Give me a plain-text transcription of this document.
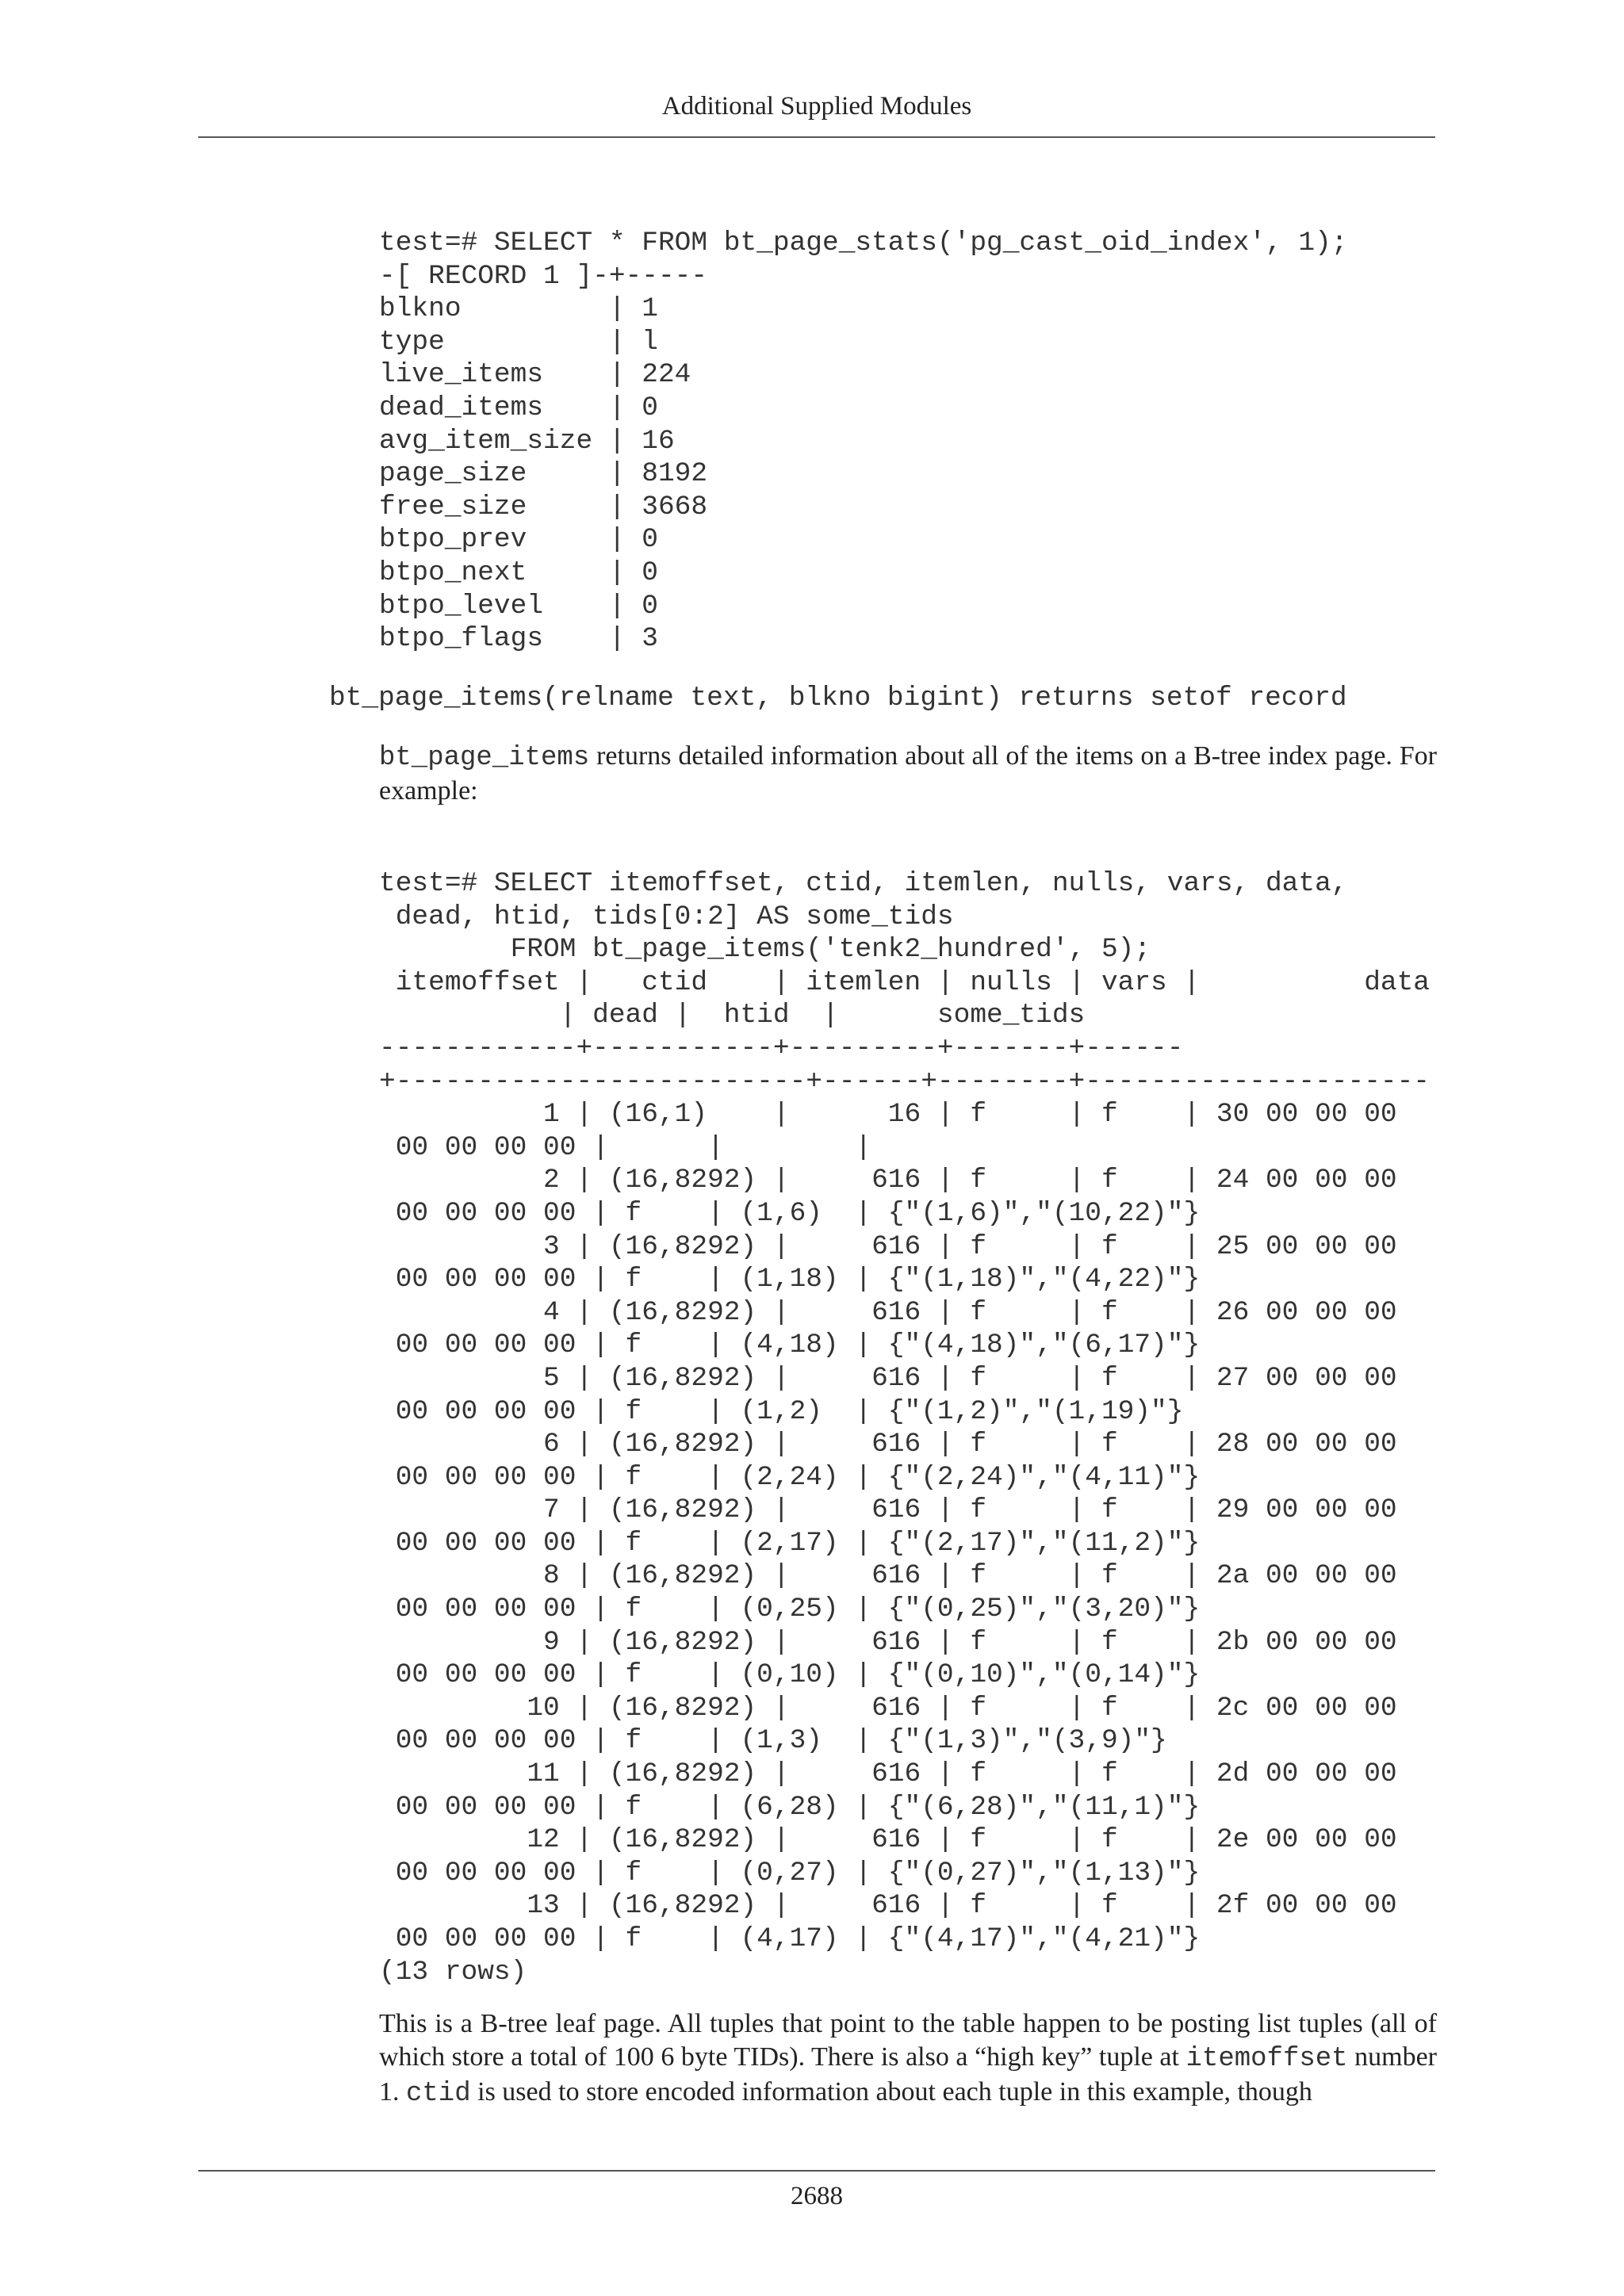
Additional Supplied Modules
test=# SELECT * FROM bt_page_stats('pg_cast_oid_index', 1);
-[ RECORD 1 ]-+-----
blkno         | 1
type          | l
live_items    | 224
dead_items    | 0
avg_item_size | 16
page_size     | 8192
free_size     | 3668
btpo_prev     | 0
btpo_next     | 0
btpo_level    | 0
btpo_flags    | 3
bt_page_items(relname text, blkno bigint) returns setof record

bt_page_items returns detailed information about all of the items on a B-tree index page. For example:

test=# SELECT itemoffset, ctid, itemlen, nulls, vars, data,
dead, htid, tids[0:2] AS some_tids
FROM bt_page_items('tenk2_hundred', 5);
itemoffset |   ctid    | itemlen | nulls | vars |          data
| dead |  htid  |      some_tids
------------+-----------+---------+-------+------
+-------------------------+------+--------+---------------------
1 | (16,1)    |      16 | f     | f    | 30 00 00 00
00 00 00 00 |      |        |
2 | (16,8292) |     616 | f     | f    | 24 00 00 00
00 00 00 00 | f    | (1,6)  | {"(1,6)","(10,22)"}
3 | (16,8292) |     616 | f     | f    | 25 00 00 00
00 00 00 00 | f    | (1,18) | {"(1,18)","(4,22)"}
4 | (16,8292) |     616 | f     | f    | 26 00 00 00
00 00 00 00 | f    | (4,18) | {"(4,18)","(6,17)"}
5 | (16,8292) |     616 | f     | f    | 27 00 00 00
00 00 00 00 | f    | (1,2)  | {"(1,2)","(1,19)"}
6 | (16,8292) |     616 | f     | f    | 28 00 00 00
00 00 00 00 | f    | (2,24) | {"(2,24)","(4,11)"}
7 | (16,8292) |     616 | f     | f    | 29 00 00 00
00 00 00 00 | f    | (2,17) | {"(2,17)","(11,2)"}
8 | (16,8292) |     616 | f     | f    | 2a 00 00 00
00 00 00 00 | f    | (0,25) | {"(0,25)","(3,20)"}
9 | (16,8292) |     616 | f     | f    | 2b 00 00 00
00 00 00 00 | f    | (0,10) | {"(0,10)","(0,14)"}
10 | (16,8292) |     616 | f     | f    | 2c 00 00 00
00 00 00 00 | f    | (1,3)  | {"(1,3)","(3,9)"}
11 | (16,8292) |     616 | f     | f    | 2d 00 00 00
00 00 00 00 | f    | (6,28) | {"(6,28)","(11,1)"}
12 | (16,8292) |     616 | f     | f    | 2e 00 00 00
00 00 00 00 | f    | (0,27) | {"(0,27)","(1,13)"}
13 | (16,8292) |     616 | f     | f    | 2f 00 00 00
00 00 00 00 | f    | (4,17) | {"(4,17)","(4,21)"}
(13 rows)

This is a B-tree leaf page. All tuples that point to the table happen to be posting list tuples (all of which store a total of 100 6 byte TIDs). There is also a “high key” tuple at itemoffset number 1. ctid is used to store encoded information about each tuple in this example, though

2688
